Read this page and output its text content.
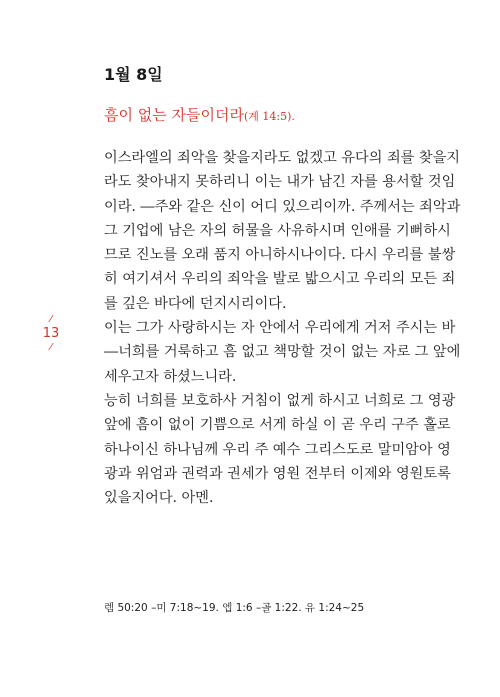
1월 8일
흠이 없는 자들이더라(계 14:5).
⁄
13
⁄
이스라엘의 죄악을 찾을지라도 없겠고 유다의 죄를 찾을지
라도 찾아내지 못하리니 이는 내가 남긴 자를 용서할 것임
이라. ―주와 같은 신이 어디 있으리이까. 주께서는 죄악과
그 기업에 남은 자의 허물을 사유하시며 인애를 기뻐하시
므로 진노를 오래 품지 아니하시나이다. 다시 우리를 불쌍
히 여기셔서 우리의 죄악을 발로 밟으시고 우리의 모든 죄
를 깊은 바다에 던지시리이다.
이는 그가 사랑하시는 자 안에서 우리에게 거저 주시는 바
―너희를 거룩하고 흠 없고 책망할 것이 없는 자로 그 앞에
세우고자 하셨느니라.
능히 너희를 보호하사 거침이 없게 하시고 너희로 그 영광
앞에 흠이 없이 기쁨으로 서게 하실 이 곧 우리 구주 홀로
하나이신 하나님께 우리 주 예수 그리스도로 말미암아 영
광과 위엄과 권력과 권세가 영원 전부터 이제와 영원토록
있을지어다. 아멘.
렘 50:20 –미 7:18~19. 엡 1:6 –골 1:22. 유 1:24~25
